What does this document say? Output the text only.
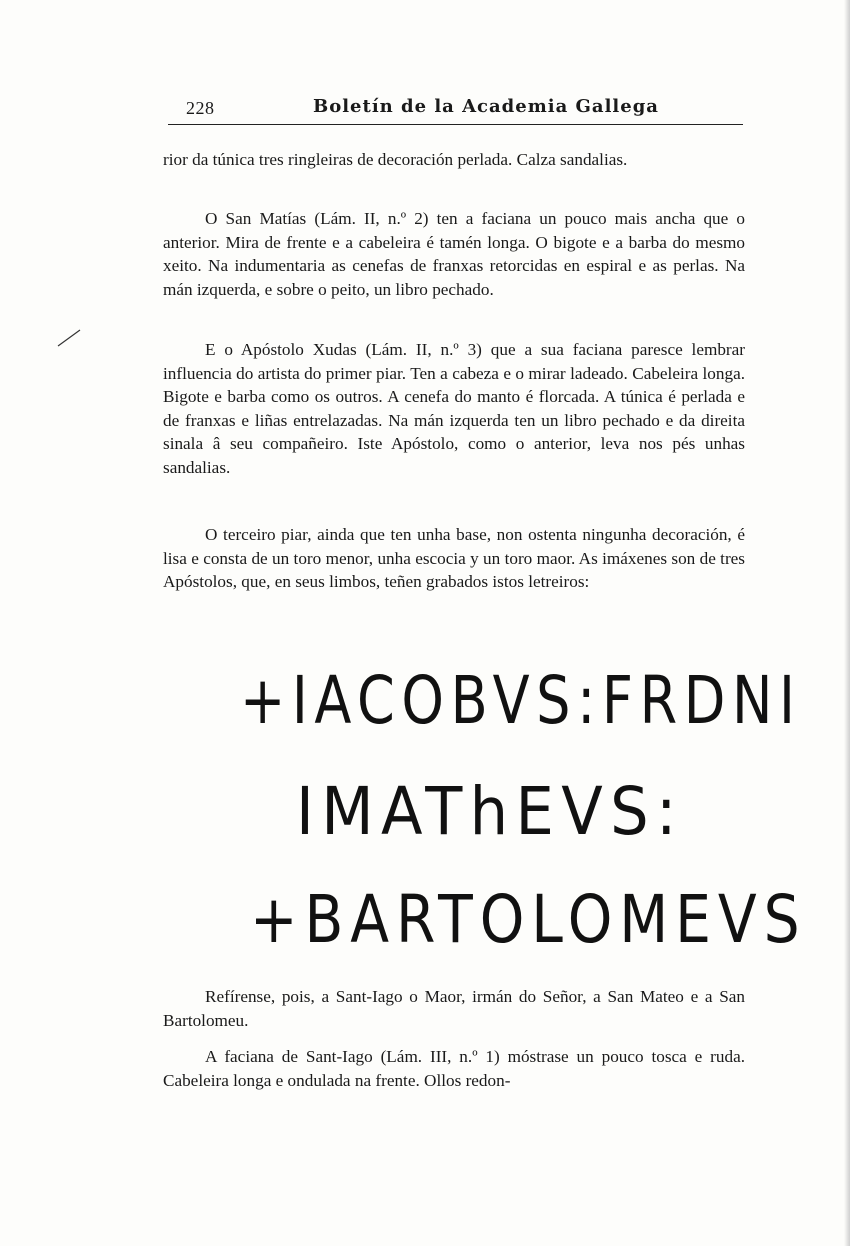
228	Boletín de la Academia Gallega
rior da túnica tres ringleiras de decoración perlada. Calza sandalias.
O San Matías (Lám. II, n.º 2) ten a faciana un pouco mais ancha que o anterior. Mira de frente e a cabeleira é tamén longa. O bigote e a barba do mesmo xeito. Na indumentaria as cenefas de franxas retorcidas en espiral e as perlas. Na mán izquerda, e sobre o peito, un libro pechado.
E o Apóstolo Xudas (Lám. II, n.º 3) que a sua faciana paresce lembrar influencia do artista do primer piar. Ten a cabeza e o mirar ladeado. Cabeleira longa. Bigote e barba como os outros. A cenefa do manto é florcada. A túnica é perlada e de franxas e liñas entrelazadas. Na mán izquerda ten un libro pechado e da direita sinala â seu compañeiro. Iste Apóstolo, como o anterior, leva nos pés unhas sandalias.
O terceiro piar, ainda que ten unha base, non ostenta ningunha decoración, é lisa e consta de un toro menor, unha escocia y un toro maor. As imáxenes son de tres Apóstolos, que, en seus limbos, teñen grabados istos letreiros:
+IACOBVS:FRDNI
IMAThEVS:
+BARTOLOMEVS
Refírense, pois, a Sant-Iago o Maor, irmán do Señor, a San Mateo e a San Bartolomeu.
A faciana de Sant-Iago (Lám. III, n.º 1) móstrase un pouco tosca e ruda. Cabeleira longa e ondulada na frente. Ollos redon-
